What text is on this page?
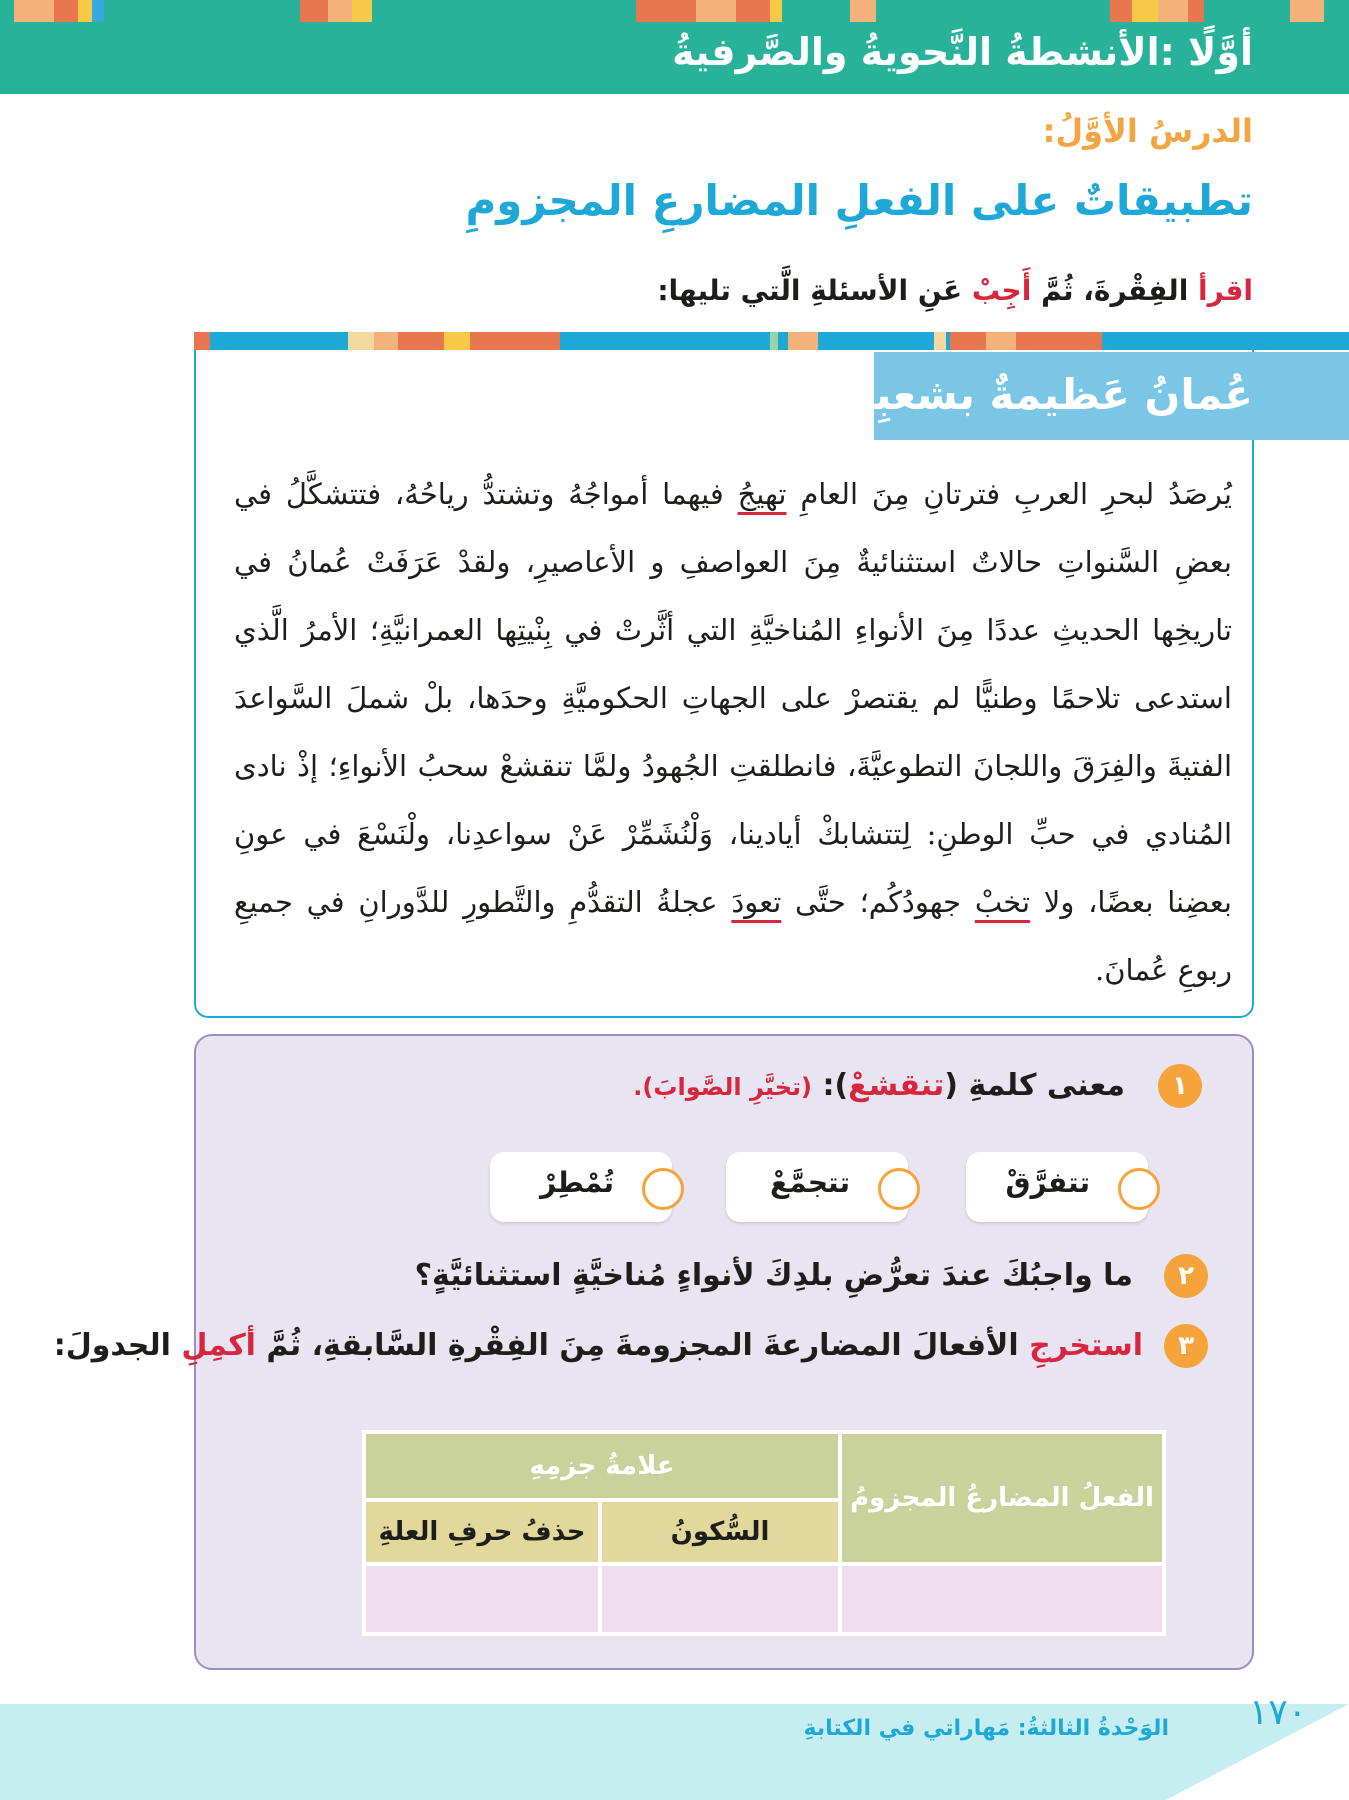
أوَّلًا :الأنشطةُ النَّحويةُ والصَّرفيةُ
الدرسُ الأوَّلُ:
تطبيقاتٌ على الفعلِ المضارعِ المجزومِ
اقرأ الفِقْرةَ، ثُمَّ أَجِبْ عَنِ الأسئلةِ الَّتي تليها:
عُمانُ عَظيمةٌ بشعبِها
يُرصَدُ لبحرِ العربِ فترتانِ مِنَ العامِ تهيجُ فيهما أمواجُهُ وتشتدُّ رياحُهُ، فتتشكَّلُ في بعضِ السَّنواتِ حالاتٌ استثنائيةٌ مِنَ العواصفِ و الأعاصيرِ، ولقدْ عَرَفَتْ عُمانُ في تاريخِها الحديثِ عددًا مِنَ الأنواءِ المُناخيَّةِ التي أثَّرتْ في بِنْيتِها العمرانيَّةِ؛ الأمرُ الَّذي استدعى تلاحمًا وطنيًّا لم يقتصرْ على الجهاتِ الحكوميَّةِ وحدَها، بلْ شملَ السَّواعدَ الفتيةَ والفِرَقَ واللجانَ التطوعيَّةَ، فانطلقتِ الجُهودُ ولمَّا تنقشعْ سحبُ الأنواءِ؛ إذْ نادى المُنادي في حبِّ الوطنِ: لِتتشابكْ أيادينا، وَلْنُشَمِّرْ عَنْ سواعدِنا، ولْنَسْعَ في عونِ بعضِنا بعضًا، ولا تخبْ جهودُكُم؛ حتَّى تعودَ عجلةُ التقدُّمِ والتَّطورِ للدَّورانِ في جميعِ ربوعِ عُمانَ.
١
معنى كلمةِ (تنقشعْ): (تخيَّرِ الصَّوابَ).
تتفرَّقْ
تتجمَّعْ
تُمْطِرْ
٢
ما واجبُكَ عندَ تعرُّضِ بلدِكَ لأنواءٍ مُناخيَّةٍ استثنائيَّةٍ؟
٣
استخرجِ الأفعالَ المضارعةَ المجزومةَ مِنَ الفِقْرةِ السَّابقةِ، ثُمَّ أكمِلِ الجدولَ:
الفعلُ المضارعُ المجزومُ
علامةُ جزمِهِ
السُّكونُ
حذفُ حرفِ العلةِ
الوَحْدةُ الثالثةُ: مَهاراتي في الكتابةِ ١٧٠
